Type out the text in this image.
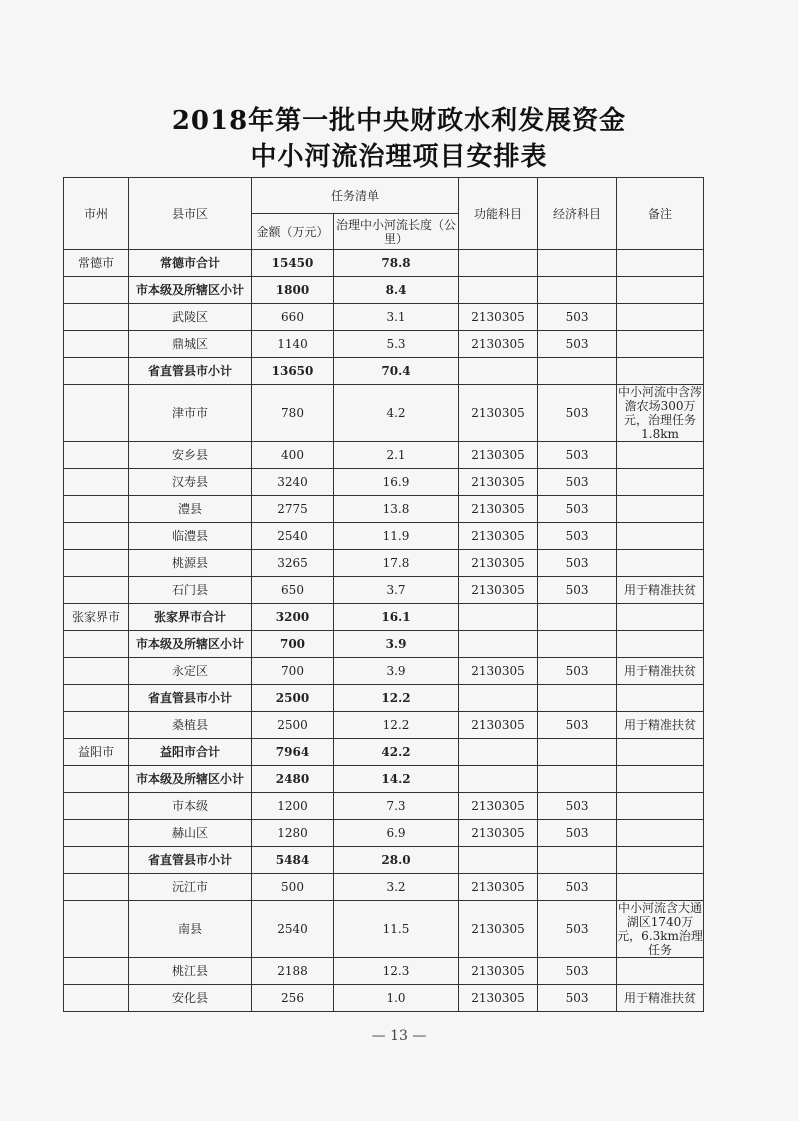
2018年第一批中央财政水利发展资金
中小河流治理项目安排表
市州	县市区	任务清单		功能科目	经济科目	备注
		金额（万元）	治理中小河流长度（公里）			
常德市	常德市合计	15450	78.8			
	市本级及所辖区小计	1800	8.4			
	武陵区	660	3.1	2130305	503	
	鼎城区	1140	5.3	2130305	503	
	省直管县市小计	13650	70.4			
	津市市	780	4.2	2130305	503	中小河流中含涔澹农场300万元，治理任务1.8km
	安乡县	400	2.1	2130305	503	
	汉寿县	3240	16.9	2130305	503	
	澧县	2775	13.8	2130305	503	
	临澧县	2540	11.9	2130305	503	
	桃源县	3265	17.8	2130305	503	
	石门县	650	3.7	2130305	503	用于精准扶贫
张家界市	张家界市合计	3200	16.1			
	市本级及所辖区小计	700	3.9			
	永定区	700	3.9	2130305	503	用于精准扶贫
	省直管县市小计	2500	12.2			
	桑植县	2500	12.2	2130305	503	用于精准扶贫
益阳市	益阳市合计	7964	42.2			
	市本级及所辖区小计	2480	14.2			
	市本级	1200	7.3	2130305	503	
	赫山区	1280	6.9	2130305	503	
	省直管县市小计	5484	28.0			
	沅江市	500	3.2	2130305	503	
	南县	2540	11.5	2130305	503	中小河流含大通湖区1740万元，6.3km治理任务
	桃江县	2188	12.3	2130305	503	
	安化县	256	1.0	2130305	503	用于精准扶贫
— 13 —
